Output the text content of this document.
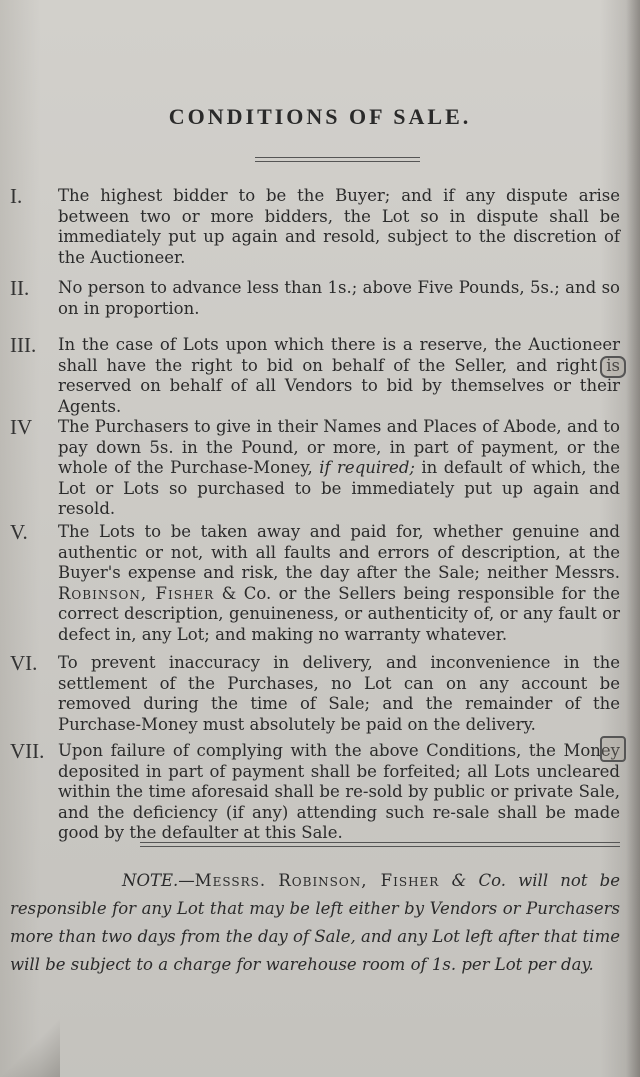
CONDITIONS OF SALE.
I. The highest bidder to be the Buyer; and if any dispute arise between two or more bidders, the Lot so in dispute shall be immediately put up again and resold, subject to the discretion of the Auctioneer.
II. No person to advance less than 1s.; above Five Pounds, 5s.; and so on in proportion.
III. In the case of Lots upon which there is a reserve, the Auctioneer shall have the right to bid on behalf of the Seller, and right is reserved on behalf of all Vendors to bid by themselves or their Agents.
IV The Purchasers to give in their Names and Places of Abode, and to pay down 5s. in the Pound, or more, in part of payment, or the whole of the Purchase-Money, if required; in default of which, the Lot or Lots so purchased to be immediately put up again and resold.
V. The Lots to be taken away and paid for, whether genuine and authentic or not, with all faults and errors of description, at the Buyer's expense and risk, the day after the Sale; neither Messrs. Robinson, Fisher & Co. or the Sellers being responsible for the correct description, genuineness, or authenticity of, or any fault or defect in, any Lot; and making no warranty whatever.
VI. To prevent inaccuracy in delivery, and inconvenience in the settlement of the Purchases, no Lot can on any account be removed during the time of Sale; and the remainder of the Purchase-Money must absolutely be paid on the delivery.
VII. Upon failure of complying with the above Conditions, the Money deposited in part of payment shall be forfeited; all Lots uncleared within the time aforesaid shall be re-sold by public or private Sale, and the deficiency (if any) attending such re-sale shall be made good by the defaulter at this Sale.
NOTE.—Messrs. Robinson, Fisher & Co. will not be
responsible for any Lot that may be left either by Vendors or Purchasers more than two days from the day of Sale, and any Lot left after that time will be subject to a charge for warehouse room of 1s. per Lot per day.
